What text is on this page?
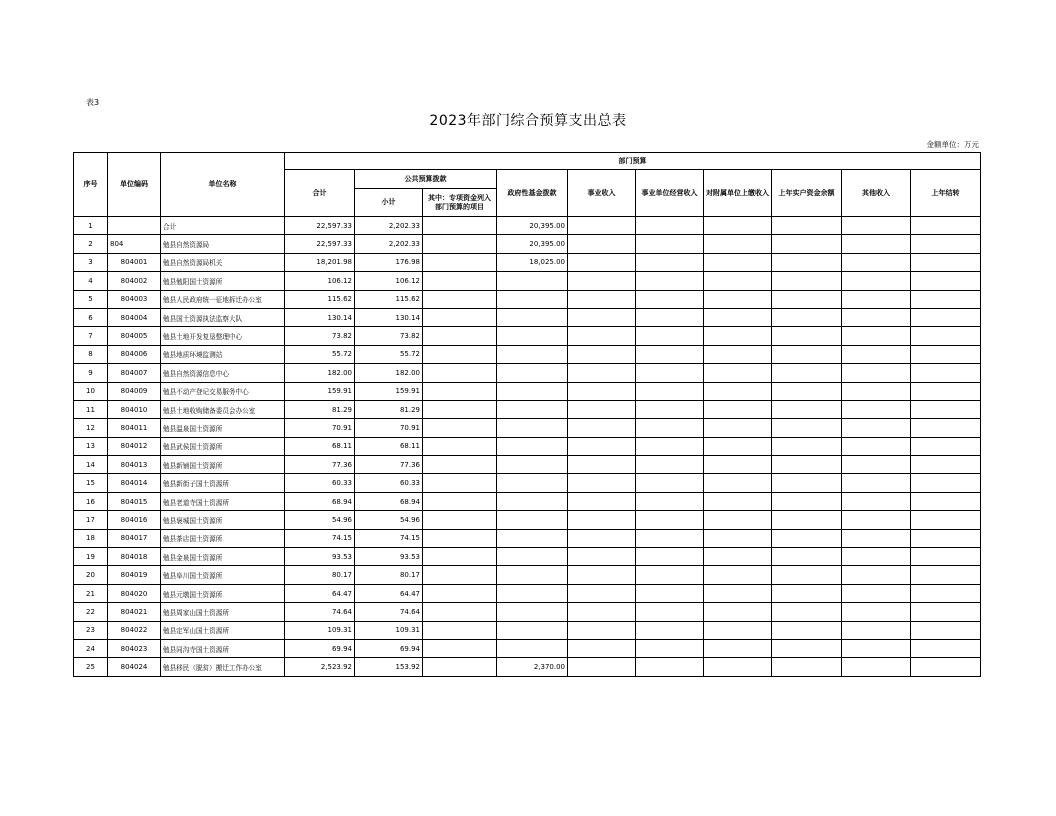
表3
2023年部门综合预算支出总表
金额单位：万元
序号	单位编码	单位名称	部门预算									
			合计	公共预算拨款		政府性基金拨款	事业收入	事业单位经营收入	对附属单位上缴收入	上年实户资金余额	其他收入	上年结转
				小计	其中：专项资金列入部门预算的项目							
1		合计	22,597.33	2,202.33		20,395.00						
2	804	勉县自然资源局	22,597.33	2,202.33		20,395.00						
3	804001	勉县自然资源局机关	18,201.98	176.98		18,025.00						
4	804002	勉县勉阳国土资源所	106.12	106.12								
5	804003	勉县人民政府统一征地拆迁办公室	115.62	115.62								
6	804004	勉县国土资源执法监察大队	130.14	130.14								
7	804005	勉县土地开发复垦整理中心	73.82	73.82								
8	804006	勉县地质环境监测站	55.72	55.72								
9	804007	勉县自然资源信息中心	182.00	182.00								
10	804009	勉县不动产登记交易服务中心	159.91	159.91								
11	804010	勉县土地收购储备委员会办公室	81.29	81.29								
12	804011	勉县温泉国土资源所	70.91	70.91								
13	804012	勉县武侯国土资源所	68.11	68.11								
14	804013	勉县新铺国土资源所	77.36	77.36								
15	804014	勉县新街子国土资源所	60.33	60.33								
16	804015	勉县老道寺国土资源所	68.94	68.94								
17	804016	勉县褒城国土资源所	54.96	54.96								
18	804017	勉县茶店国土资源所	74.15	74.15								
19	804018	勉县金泉国土资源所	93.53	93.53								
20	804019	勉县阜川国土资源所	80.17	80.17								
21	804020	勉县元墩国土资源所	64.47	64.47								
22	804021	勉县周家山国土资源所	74.64	74.64								
23	804022	勉县定军山国土资源所	109.31	109.31								
24	804023	勉县同沟寺国土资源所	69.94	69.94								
25	804024	勉县移民（脱贫）搬迁工作办公室	2,523.92	153.92		2,370.00						
